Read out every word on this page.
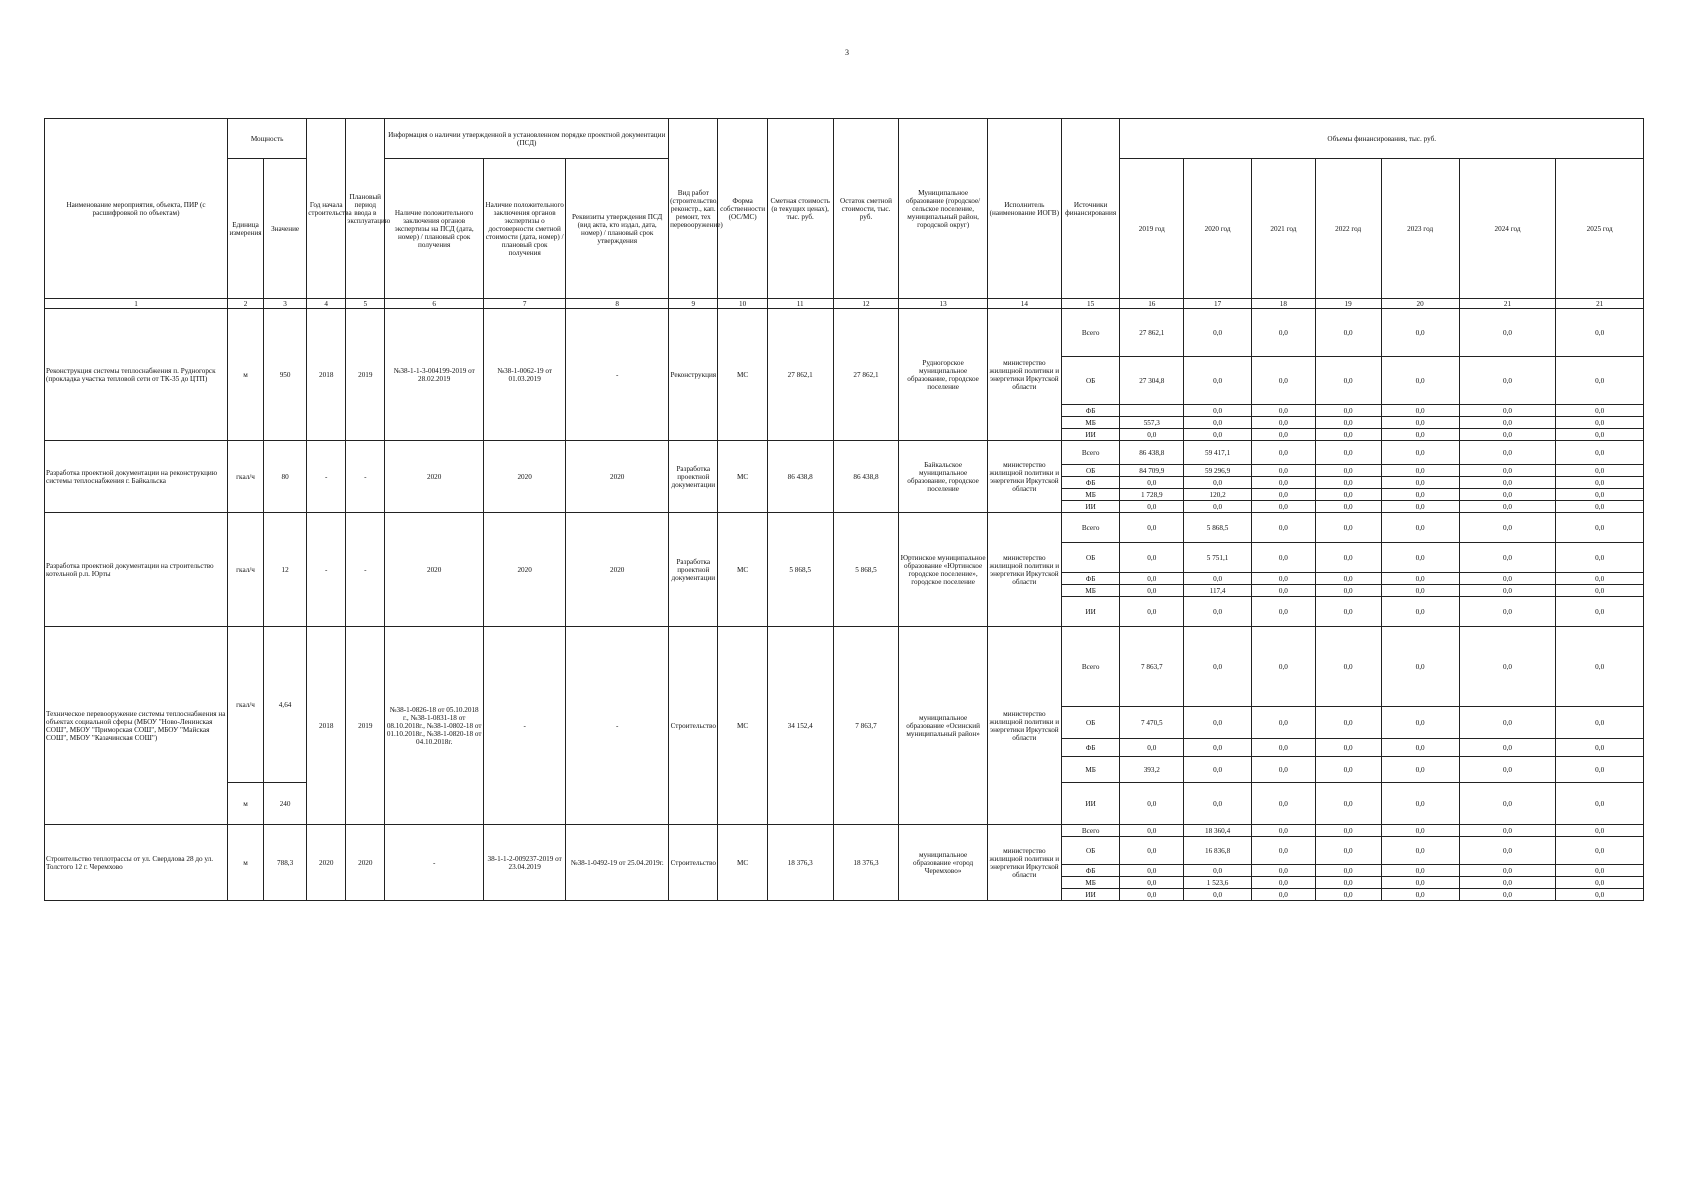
3
Наименование мероприятия, объекта, ПИР (с расшифровкой по объектам)	Мощность		Год начала строительства	Плановый период ввода в эксплуатацию	Информация о наличии утвержденной в установленном порядке проектной документации (ПСД)			Вид работ (строительство, реконстр., кап. ремонт, тех перевооружение)	Форма собственности (ОС/МС)	Сметная стоимость (в текущих ценах), тыс. руб.	Остаток сметной стоимости, тыс. руб.	Муниципальное образование (городское/сельское поселение, муниципальный район, городской округ)	Исполнитель (наименование ИОГВ)	Источники финансирования	Объемы финансирования, тыс. руб.						
	Единица измерения	Значение			Наличие положительного заключения органов экспертизы на ПСД (дата, номер) / плановый срок получения	Наличие положительного заключения органов экспертизы о достоверности сметной стоимости (дата, номер) / плановый срок получения	Реквизиты утверждения ПСД (вид акта, кто издал, дата, номер) / плановый срок утверждения								2019 год	2020 год	2021 год	2022 год	2023 год	2024 год	2025 год
1	2	3	4	5	6	7	8	9	10	11	12	13	14	15	16	17	18	19	20	21	21
Реконструкция системы теплоснабжения п. Рудногорск (прокладка участка тепловой сети от ТК-35 до ЦТП)	м	950	2018	2019	№38-1-1-3-004199-2019 от 28.02.2019	№38-1-0062-19 от 01.03.2019	-	Реконструкция	МС	27 862,1	27 862,1	Рудногорское муниципальное образование, городское поселение	министерство жилищной политики и энергетики Иркутской области	Всего	27 862,1	0,0	0,0	0,0	0,0	0,0	0,0
														ОБ	27 304,8	0,0	0,0	0,0	0,0	0,0	0,0
														ФБ		0,0	0,0	0,0	0,0	0,0	0,0
														МБ	557,3	0,0	0,0	0,0	0,0	0,0	0,0
														ИИ	0,0	0,0	0,0	0,0	0,0	0,0	0,0
Разработка проектной документации на реконструкцию системы теплоснабжения г. Байкальска	гкал/ч	80	-	-	2020	2020	2020	Разработка проектной документации	МС	86 438,8	86 438,8	Байкальское муниципальное образование, городское поселение	министерство жилищной политики и энергетики Иркутской области	Всего	86 438,8	59 417,1	0,0	0,0	0,0	0,0	0,0
														ОБ	84 709,9	59 296,9	0,0	0,0	0,0	0,0	0,0
														ФБ	0,0	0,0	0,0	0,0	0,0	0,0	0,0
														МБ	1 728,9	120,2	0,0	0,0	0,0	0,0	0,0
														ИИ	0,0	0,0	0,0	0,0	0,0	0,0	0,0
Разработка проектной документации на строительство котельной р.п. Юрты	гкал/ч	12	-	-	2020	2020	2020	Разработка проектной документации	МС	5 868,5	5 868,5	Юртинское муниципальное образование «Юртинское городское поселение», городское поселение	министерство жилищной политики и энергетики Иркутской области	Всего	0,0	5 868,5	0,0	0,0	0,0	0,0	0,0
														ОБ	0,0	5 751,1	0,0	0,0	0,0	0,0	0,0
														ФБ	0,0	0,0	0,0	0,0	0,0	0,0	0,0
														МБ	0,0	117,4	0,0	0,0	0,0	0,0	0,0
														ИИ	0,0	0,0	0,0	0,0	0,0	0,0	0,0
Техническое перевооружение системы теплоснабжения на объектах социальной сферы (МБОУ "Ново-Ленинская СОШ", МБОУ "Приморская СОШ", МБОУ "Майская СОШ", МБОУ "Казачинская СОШ")	гкал/ч	4,64	2018	2019	№38-1-0826-18 от 05.10.2018 г., №38-1-0831-18 от 08.10.2018г., №38-1-0802-18 от 01.10.2018г., №38-1-0820-18 от 04.10.2018г.	-	-	Строительство	МС	34 152,4	7 863,7	муниципальное образование «Осинский муниципальный район»	министерство жилищной политики и энергетики Иркутской области	Всего	7 863,7	0,0	0,0	0,0	0,0	0,0	0,0
														ОБ	7 470,5	0,0	0,0	0,0	0,0	0,0	0,0
														ФБ	0,0	0,0	0,0	0,0	0,0	0,0	0,0
														МБ	393,2	0,0	0,0	0,0	0,0	0,0	0,0
	м	240												ИИ	0,0	0,0	0,0	0,0	0,0	0,0	0,0
Строительство теплотрассы от ул. Свердлова 28 до ул. Толстого 12 г. Черемхово	м	788,3	2020	2020	-	38-1-1-2-009237-2019 от 23.04.2019	№38-1-0492-19 от 25.04.2019г.	Строительство	МС	18 376,3	18 376,3	муниципальное образование «город Черемхово»	министерство жилищной политики и энергетики Иркутской области	Всего	0,0	18 360,4	0,0	0,0	0,0	0,0	0,0
														ОБ	0,0	16 836,8	0,0	0,0	0,0	0,0	0,0
														ФБ	0,0	0,0	0,0	0,0	0,0	0,0	0,0
														МБ	0,0	1 523,6	0,0	0,0	0,0	0,0	0,0
														ИИ	0,0	0,0	0,0	0,0	0,0	0,0	0,0
